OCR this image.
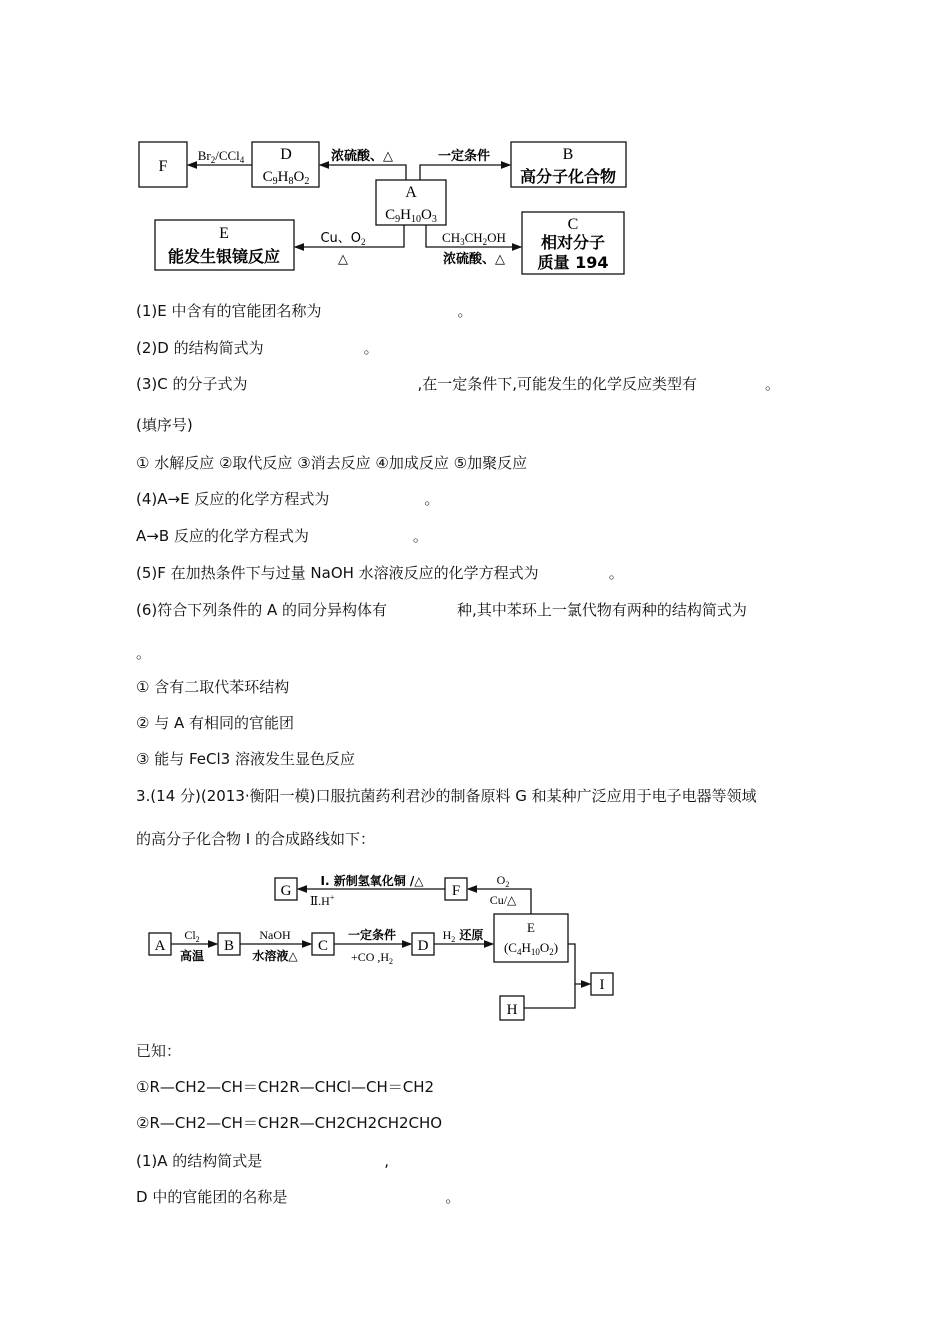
F
D
$C_9H_8O_2$
A
$C_9H_{10}O_3$
B
高分子化合物
E
能发生银镜反应
C
相对分子
质量 194
$Br_2/CCl_4$	浓硫酸、△	一定条件
Cu、$O_2$
△
$CH_3CH_2OH$
浓硫酸、△
(1)E 中含有的官能团名称为	。
(2)D 的结构简式为	。
(3)C 的分子式为	,在一定条件下,可能发生的化学反应类型有	。
(填序号)
① 水解反应 ②取代反应 ③消去反应 ④加成反应 ⑤加聚反应
(4)A→E 反应的化学方程式为	。
A→B 反应的化学方程式为	。
(5)F 在加热条件下与过量 NaOH 水溶液反应的化学方程式为	。
(6)符合下列条件的 A 的同分异构体有	种,其中苯环上一氯代物有两种的结构简式为
。
① 含有二取代苯环结构
② 与 A 有相同的官能团
③ 能与 FeCl3 溶液发生显色反应
3.(14 分)(2013·衡阳一模)口服抗菌药利君沙的制备原料 G 和某种广泛应用于电子电器等领域
的高分子化合物 I 的合成路线如下：
G	F
A	B	C	D
E
$(C_4H_{10}O_2)$
I
H
Ⅰ. 新制氢氧化铜 /△
Ⅱ.H+
$O_2$
Cu/△
$Cl_2$
高温
NaOH
水溶液△
一定条件
+CO $,H_2$
$H_2$ 还原
已知：
①R—CH2—CH＝CH2R—CHCl—CH＝CH2
②R—CH2—CH＝CH2R—CH2CH2CH2CHO
(1)A 的结构简式是	,
D 中的官能团的名称是	。
